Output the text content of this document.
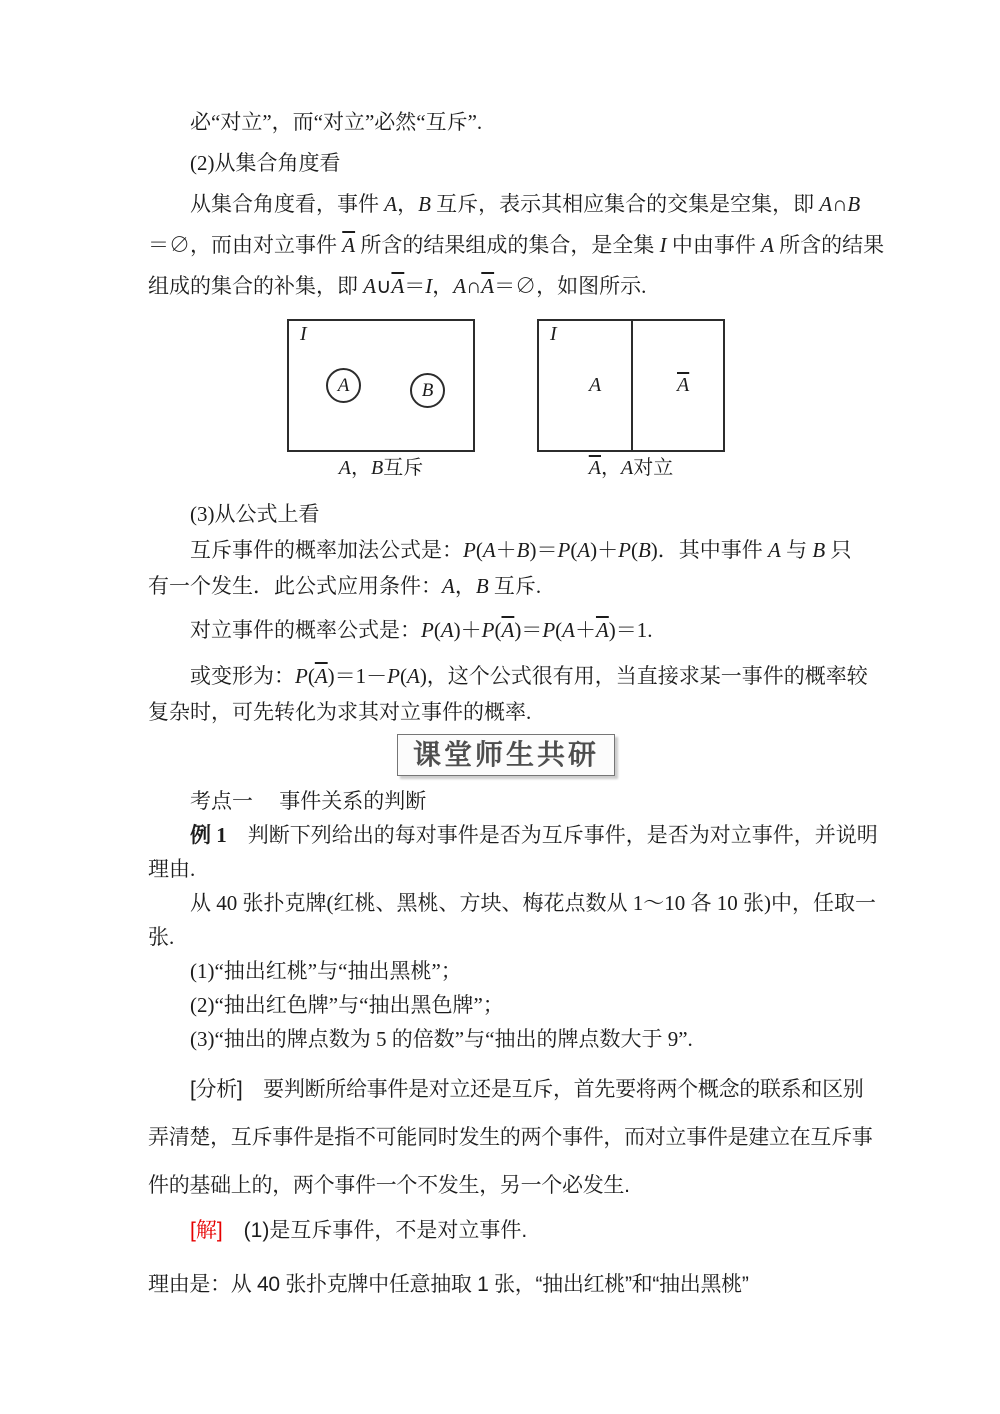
必“对立”，而“对立”必然“互斥”.
(2)从集合角度看
从集合角度看，事件 A，B 互斥，表示其相应集合的交集是空集，即 A∩B
＝∅，而由对立事件 $\overline{A}$ 所含的结果组成的集合，是全集 I 中由事件 A 所含的结果
组成的集合的补集，即 $A\cup\overline{A}=I$，$A\cap\overline{A}=\emptyset$，如图所示.
I
A	B
A，B互斥
I
A	$\overline{A}$
$\overline{A}$，A对立
(3)从公式上看
互斥事件的概率加法公式是：P(A＋B)＝P(A)＋P(B)．其中事件 A 与 B 只
有一个发生．此公式应用条件：A，B 互斥.
对立事件的概率公式是：$P(A)+P(\overline{A})=P(A+\overline{A})=1$.
或变形为：$P(\overline{A})=1-P(A)$，这个公式很有用，当直接求某一事件的概率较
复杂时，可先转化为求其对立事件的概率.
课堂师生共研
考点一　 事件关系的判断
例 1　判断下列给出的每对事件是否为互斥事件，是否为对立事件，并说明
理由.
从 40 张扑克牌(红桃、黑桃、方块、梅花点数从 1～10 各 10 张)中，任取一
张.
(1)“抽出红桃”与“抽出黑桃”；
(2)“抽出红色牌”与“抽出黑色牌”；
(3)“抽出的牌点数为 5 的倍数”与“抽出的牌点数大于 9”.
[分析]　要判断所给事件是对立还是互斥，首先要将两个概念的联系和区别
弄清楚，互斥事件是指不可能同时发生的两个事件，而对立事件是建立在互斥事
件的基础上的，两个事件一个不发生，另一个必发生.
[解]　(1)是互斥事件，不是对立事件.
理由是：从 40 张扑克牌中任意抽取 1 张，“抽出红桃”和“抽出黑桃”
